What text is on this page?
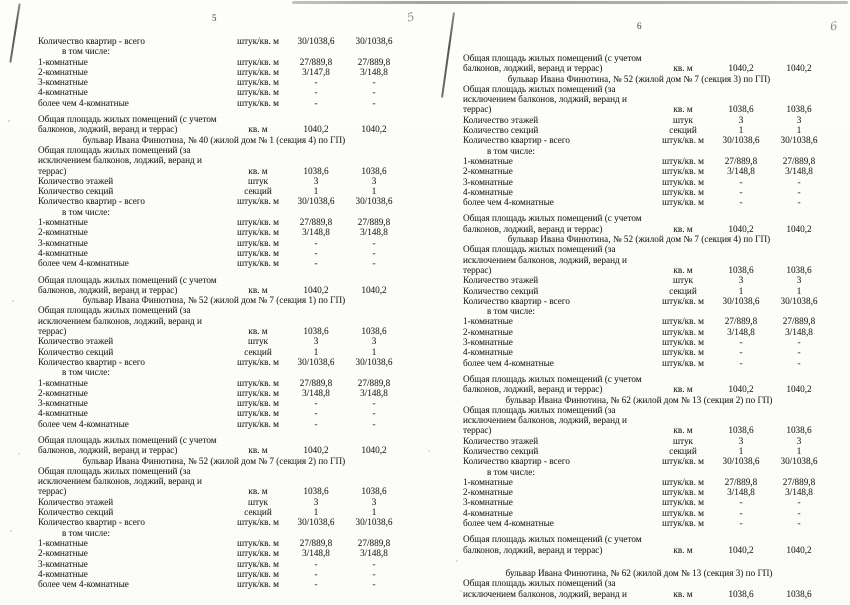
5	5
Количество квартир - всего	штук/кв. м	30/1038,6	30/1038,6
в том числе:
1-комнатные	штук/кв. м	27/889,8	27/889,8
2-комнатные	штук/кв. м	3/147,8	3/148,8
3-комнатные	штук/кв. м	-	-
4-комнатные	штук/кв. м	-	-
более чем 4-комнатные	штук/кв. м	-	-
Общая площадь жилых помещений (с учетом балконов, лоджий, веранд и террас)	кв. м	1040,2	1040,2
бульвар Ивана Финютина, № 40 (жилой дом № 1 (секция 4) по ГП)
Общая площадь жилых помещений (за исключением балконов, лоджий, веранд и террас)	кв. м	1038,6	1038,6
Количество этажей	штук	3	3
Количество секций	секций	1	1
Количество квартир - всего	штук/кв. м	30/1038,6	30/1038,6
в том числе:
1-комнатные	штук/кв. м	27/889,8	27/889,8
2-комнатные	штук/кв. м	3/148,8	3/148,8
3-комнатные	штук/кв. м	-	-
4-комнатные	штук/кв. м	-	-
более чем 4-комнатные	штук/кв. м	-	-
Общая площадь жилых помещений (с учетом балконов, лоджий, веранд и террас)	кв. м	1040,2	1040,2
бульвар Ивана Финютина, № 52 (жилой дом № 7 (секция 1) по ГП)
Общая площадь жилых помещений (за исключением балконов, лоджий, веранд и террас)	кв. м	1038,6	1038,6
Количество этажей	штук	3	3
Количество секций	секций	1	1
Количество квартир - всего	штук/кв. м	30/1038,6	30/1038,6
в том числе:
1-комнатные	штук/кв. м	27/889,8	27/889,8
2-комнатные	штук/кв. м	3/148,8	3/148,8
3-комнатные	штук/кв. м	-	-
4-комнатные	штук/кв. м	-	-
более чем 4-комнатные	штук/кв. м	-	-
Общая площадь жилых помещений (с учетом балконов, лоджий, веранд и террас)	кв. м	1040,2	1040,2
бульвар Ивана Финютина, № 52 (жилой дом № 7 (секция 2) по ГП)
Общая площадь жилых помещений (за исключением балконов, лоджий, веранд и террас)	кв. м	1038,6	1038,6
Количество этажей	штук	3	3
Количество секций	секций	1	1
Количество квартир - всего	штук/кв. м	30/1038,6	30/1038,6
в том числе:
1-комнатные	штук/кв. м	27/889,8	27/889,8
2-комнатные	штук/кв. м	3/148,8	3/148,8
3-комнатные	штук/кв. м	-	-
4-комнатные	штук/кв. м	-	-
более чем 4-комнатные	штук/кв. м	-	-
6	6
Общая площадь жилых помещений (с учетом балконов, лоджий, веранд и террас)	кв. м	1040,2	1040,2
бульвар Ивана Финютина, № 52 (жилой дом № 7 (секция 3) по ГП)
Общая площадь жилых помещений (за исключением балконов, лоджий, веранд и террас)	кв. м	1038,6	1038,6
Количество этажей	штук	3	3
Количество секций	секций	1	1
Количество квартир - всего	штук/кв. м	30/1038,6	30/1038,6
в том числе:
1-комнатные	штук/кв. м	27/889,8	27/889,8
2-комнатные	штук/кв. м	3/148,8	3/148,8
3-комнатные	штук/кв. м	-	-
4-комнатные	штук/кв. м	-	-
более чем 4-комнатные	штук/кв. м	-	-
Общая площадь жилых помещений (с учетом балконов, лоджий, веранд и террас)	кв. м	1040,2	1040,2
бульвар Ивана Финютина, № 52 (жилой дом № 7 (секция 4) по ГП)
Общая площадь жилых помещений (за исключением балконов, лоджий, веранд и террас)	кв. м	1038,6	1038,6
Количество этажей	штук	3	3
Количество секций	секций	1	1
Количество квартир - всего	штук/кв. м	30/1038,6	30/1038,6
в том числе:
1-комнатные	штук/кв. м	27/889,8	27/889,8
2-комнатные	штук/кв. м	3/148,8	3/148,8
3-комнатные	штук/кв. м	-	-
4-комнатные	штук/кв. м	-	-
более чем 4-комнатные	штук/кв. м	-	-
Общая площадь жилых помещений (с учетом балконов, лоджий, веранд и террас)	кв. м	1040,2	1040,2
бульвар Ивана Финютина, № 62 (жилой дом № 13 (секция 2) по ГП)
Общая площадь жилых помещений (за исключением балконов, лоджий, веранд и террас)	кв. м	1038,6	1038,6
Количество этажей	штук	3	3
Количество секций	секций	1	1
Количество квартир - всего	штук/кв. м	30/1038,6	30/1038,6
в том числе:
1-комнатные	штук/кв. м	27/889,8	27/889,8
2-комнатные	штук/кв. м	3/148,8	3/148,8
3-комнатные	штук/кв. м	-	-
4-комнатные	штук/кв. м	-	-
более чем 4-комнатные	штук/кв. м	-	-
Общая площадь жилых помещений (с учетом балконов, лоджий, веранд и террас)	кв. м	1040,2	1040,2
бульвар Ивана Финютина, № 62 (жилой дом № 13 (секция 3) по ГП)
Общая площадь жилых помещений (за исключением балконов, лоджий, веранд и	кв. м	1038,6	1038,6
